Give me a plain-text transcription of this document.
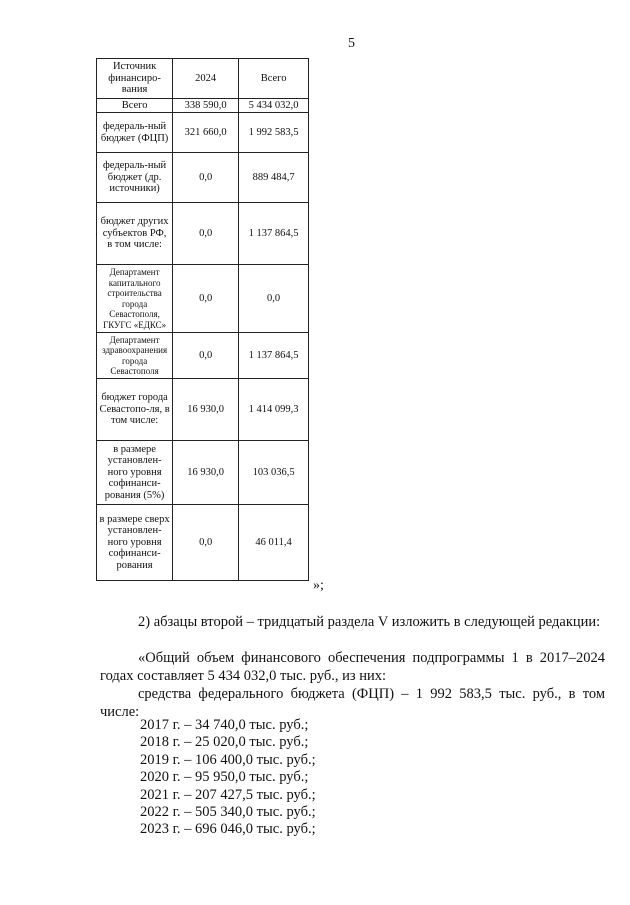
5
Источник финансиро-вания	2024	Всего
Всего	338 590,0	5 434 032,0
федераль-ный бюджет (ФЦП)	321 660,0	1 992 583,5
федераль-ный бюджет (др. источники)	0,0	889 484,7
бюджет других субъектов РФ, в том числе:	0,0	1 137 864,5
Департамент капитального строительства города Севастополя, ГКУГС «ЕДКС»	0,0	0,0
Департамент здравоохранения города Севастополя	0,0	1 137 864,5
бюджет города Севастопо-ля, в том числе:	16 930,0	1 414 099,3
в размере установлен-ного уровня софинанси-рования (5%)	16 930,0	103 036,5
в размере сверх установлен-ного уровня софинанси-рования	0,0	46 011,4
»;
2) абзацы второй – тридцатый раздела V изложить в следующей редакции:
«Общий объем финансового обеспечения подпрограммы 1 в 2017–2024 годах составляет 5 434 032,0 тыс. руб., из них:
средства федерального бюджета (ФЦП) – 1 992 583,5 тыс. руб., в том числе:
2017 г. – 34 740,0 тыс. руб.;
2018 г. – 25 020,0 тыс. руб.;
2019 г. – 106 400,0 тыс. руб.;
2020 г. – 95 950,0 тыс. руб.;
2021 г. – 207 427,5 тыс. руб.;
2022 г. – 505 340,0 тыс. руб.;
2023 г. – 696 046,0 тыс. руб.;
